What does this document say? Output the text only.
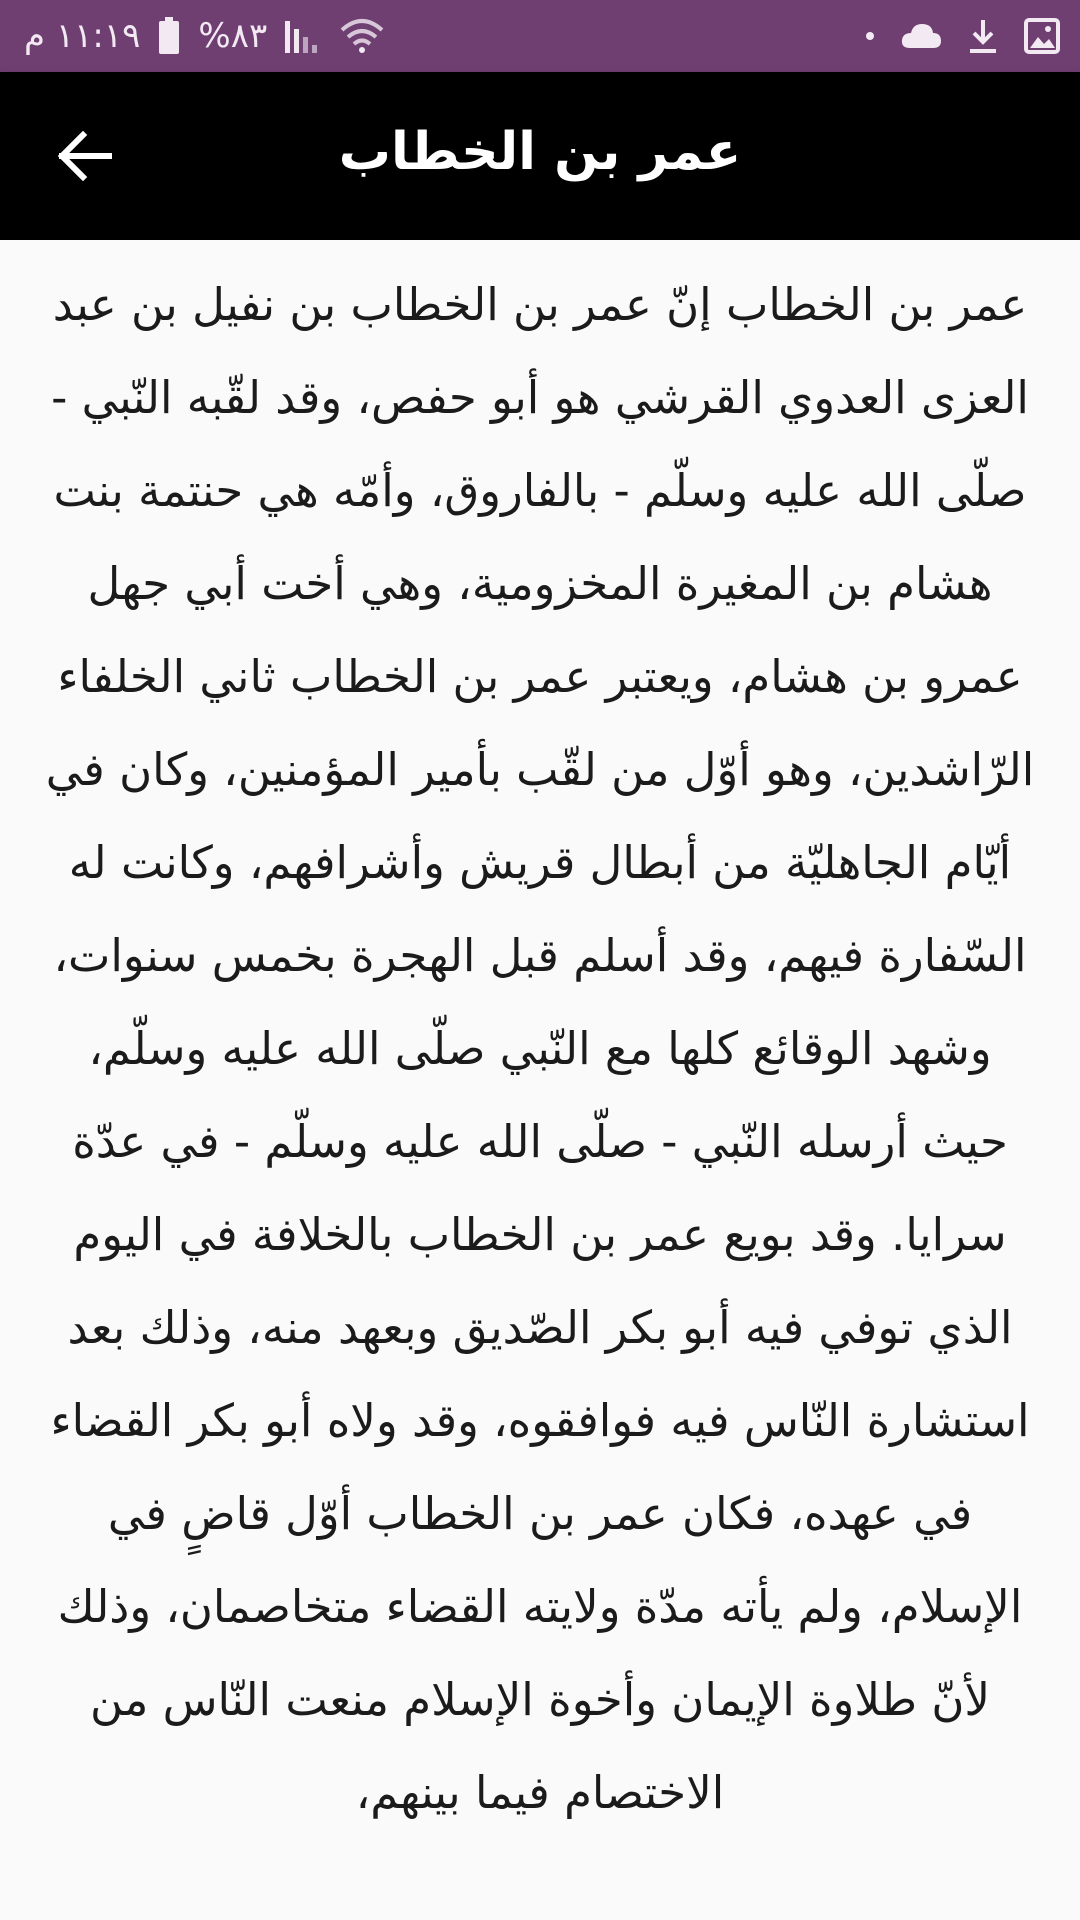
١١:١٩ م %٨٣
عمر بن الخطاب
عمر بن الخطاب إنّ عمر بن الخطاب بن نفيل بن عبد العزى العدوي القرشي هو أبو حفص، وقد لقّبه النّبي - صلّى الله عليه وسلّم - بالفاروق، وأمّه هي حنتمة بنت هشام بن المغيرة المخزومية، وهي أخت أبي جهل عمرو بن هشام، ويعتبر عمر بن الخطاب ثاني الخلفاء الرّاشدين، وهو أوّل من لقّب بأمير المؤمنين، وكان في أيّام الجاهليّة من أبطال قريش وأشرافهم، وكانت له السّفارة فيهم، وقد أسلم قبل الهجرة بخمس سنوات، وشهد الوقائع كلها مع النّبي صلّى الله عليه وسلّم، حيث أرسله النّبي - صلّى الله عليه وسلّم - في عدّة سرايا. وقد بويع عمر بن الخطاب بالخلافة في اليوم الذي توفي فيه أبو بكر الصّديق وبعهد منه، وذلك بعد استشارة النّاس فيه فوافقوه، وقد ولاه أبو بكر القضاء في عهده، فكان عمر بن الخطاب أوّل قاضٍ في الإسلام، ولم يأته مدّة ولايته القضاء متخاصمان، وذلك لأنّ طلاوة الإيمان وأخوة الإسلام منعت النّاس من الاختصام فيما بينهم،
